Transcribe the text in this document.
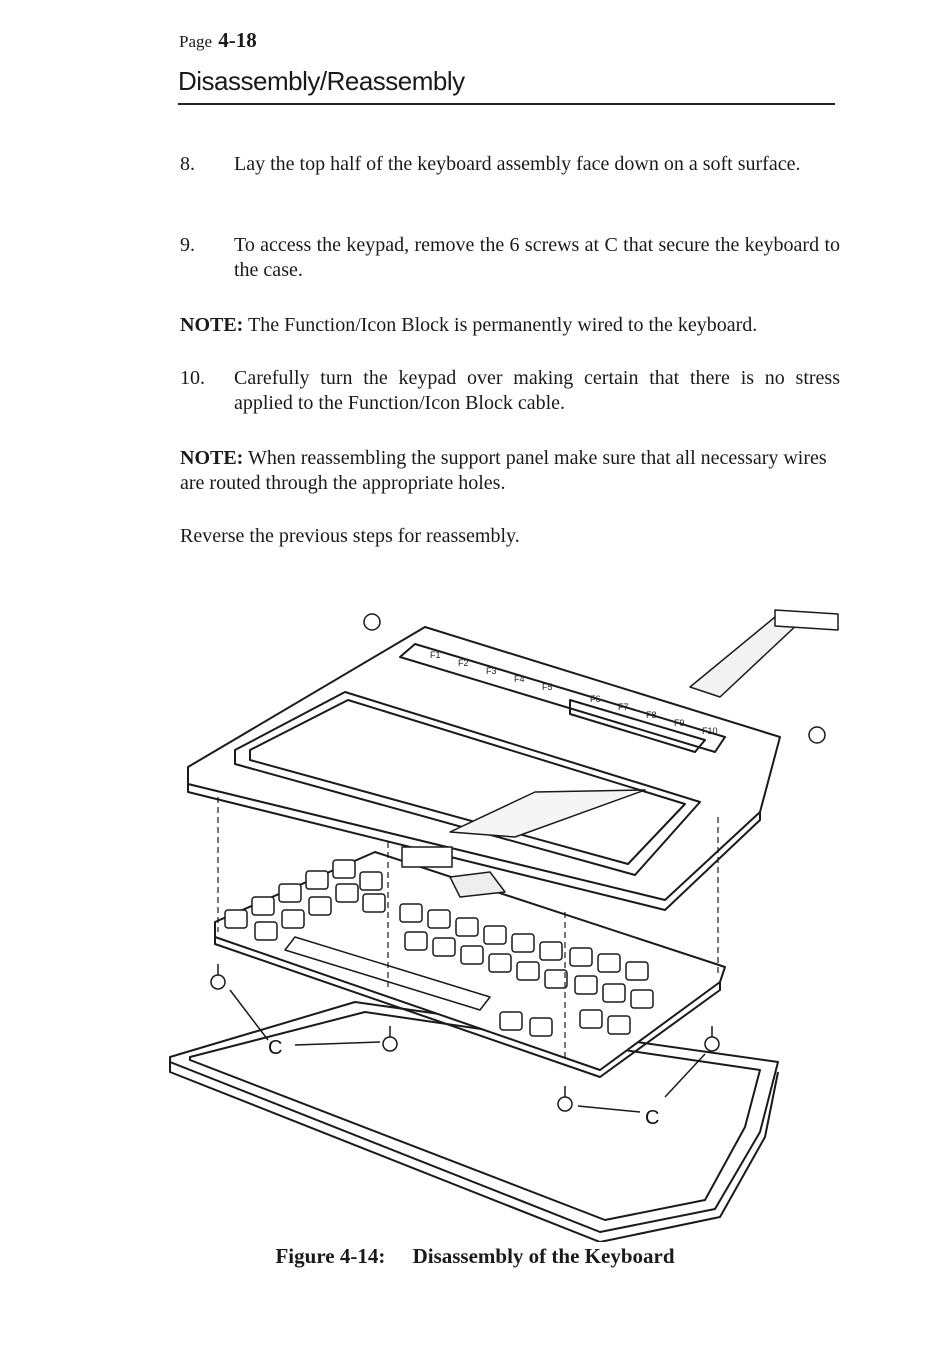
Page 4-18
Disassembly/Reassembly
8. Lay the top half of the keyboard assembly face down on a soft surface.
9. To access the keypad, remove the 6 screws at C that secure the keyboard to the case.
NOTE: The Function/Icon Block is permanently wired to the keyboard.
10. Carefully turn the keypad over making certain that there is no stress applied to the Function/Icon Block cable.
NOTE: When reassembling the support panel make sure that all necessary wires are routed through the appropriate holes.
Reverse the previous steps for reassembly.
F1
F2
F3
F4
F5
F6
F7
F8
F9
F10
C
C
Figure 4-14: Disassembly of the Keyboard
